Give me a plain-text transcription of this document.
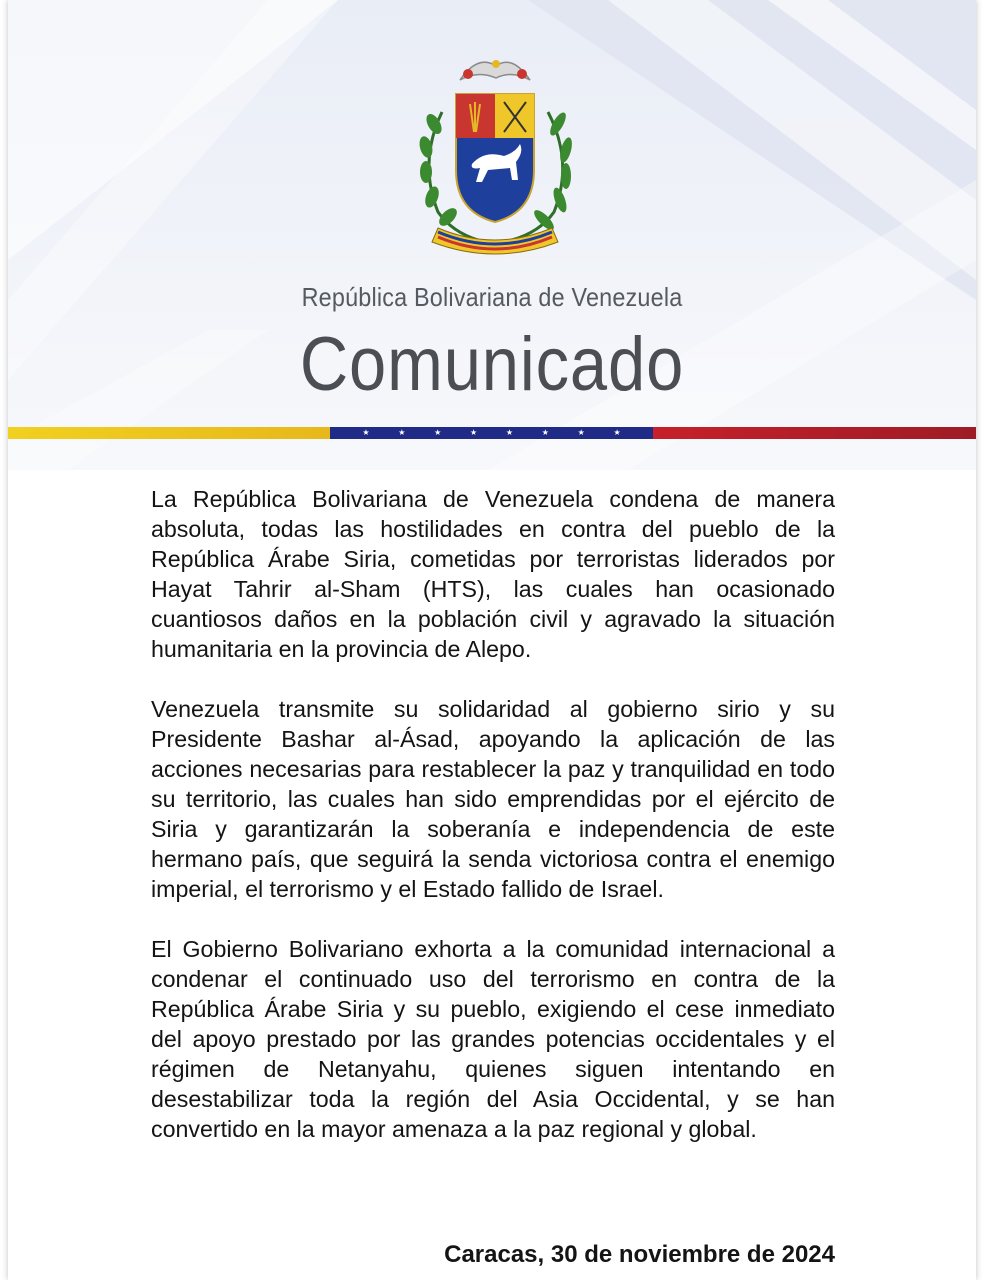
República Bolivariana de Venezuela
Comunicado
★	★	★	★	★	★	★	★

La República Bolivariana de Venezuela condena de manera absoluta, todas las hostilidades en contra del pueblo de la República Árabe Siria, cometidas por terroristas liderados por Hayat Tahrir al-Sham (HTS), las cuales han ocasionado cuantiosos daños en la población civil y agravado la situación humanitaria en la provincia de Alepo.

Venezuela transmite su solidaridad al gobierno sirio y su Presidente Bashar al-Ásad, apoyando la aplicación de las acciones necesarias para restablecer la paz y tranquilidad en todo su territorio, las cuales han sido emprendidas por el ejército de Siria y garantizarán la soberanía e independencia de este hermano país, que seguirá la senda victoriosa contra el enemigo imperial, el terrorismo y el Estado fallido de Israel.

El Gobierno Bolivariano exhorta a la comunidad internacional a condenar el continuado uso del terrorismo en contra de la República Árabe Siria y su pueblo, exigiendo el cese inmediato del apoyo prestado por las grandes potencias occidentales y el régimen de Netanyahu, quienes siguen intentando en desestabilizar toda la región del Asia Occidental, y se han convertido en la mayor amenaza a la paz regional y global.

Caracas, 30 de noviembre de 2024
